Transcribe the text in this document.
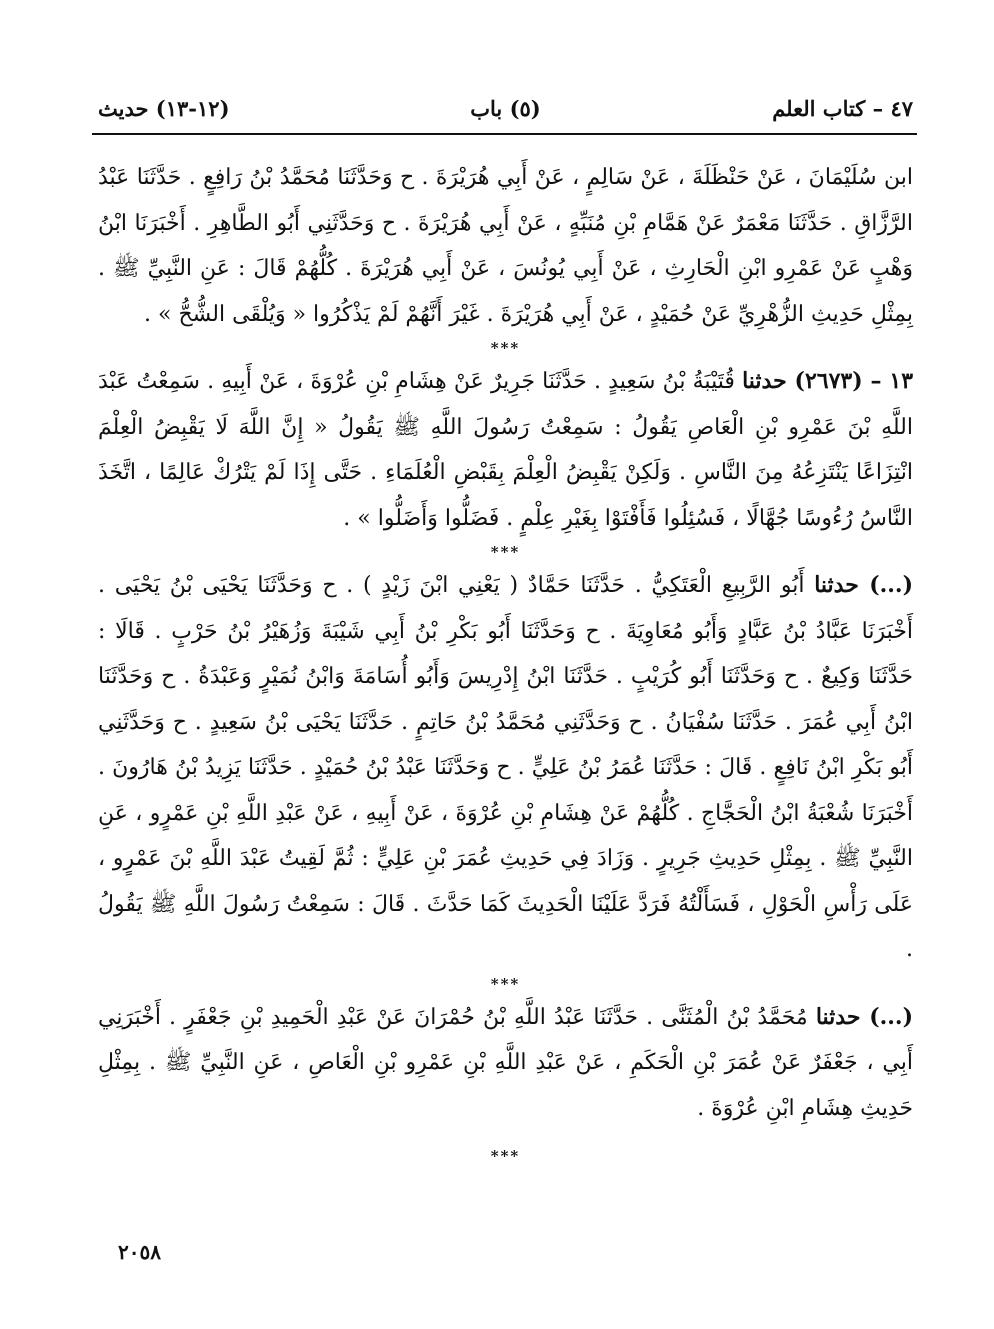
٤٧ – كتاب العلم
(٥) باب
(١٢-١٣) حديث

ابن سُلَيْمَانَ ، عَنْ حَنْظَلَةَ ، عَنْ سَالِمٍ ، عَنْ أَبِي هُرَيْرَةَ . ح وَحَدَّثَنَا مُحَمَّدُ بْنُ رَافِعٍ . حَدَّثَنَا عَبْدُ الرَّزَّاقِ . حَدَّثَنَا مَعْمَرٌ عَنْ هَمَّامِ بْنِ مُنَبِّهٍ ، عَنْ أَبِي هُرَيْرَةَ . ح وَحَدَّثَنِي أَبُو الطَّاهِرِ . أَخْبَرَنَا ابْنُ وَهْبٍ عَنْ عَمْرِو ابْنِ الْحَارِثِ ، عَنْ أَبِي يُونُسَ ، عَنْ أَبِي هُرَيْرَةَ . كُلُّهُمْ قَالَ : عَنِ النَّبِيِّ ﷺ . بِمِثْلِ حَدِيثِ الزُّهْرِيِّ عَنْ حُمَيْدٍ ، عَنْ أَبِي هُرَيْرَةَ . غَيْرَ أَنَّهُمْ لَمْ يَذْكُرُوا « وَيُلْقَى الشُّحُّ » .

***

١٣ – (٢٦٧٣) حدثنا قُتَيْبَةُ بْنُ سَعِيدٍ . حَدَّثَنَا جَرِيرٌ عَنْ هِشَامِ بْنِ عُرْوَةَ ، عَنْ أَبِيهِ . سَمِعْتُ عَبْدَ اللَّهِ بْنَ عَمْرِو بْنِ الْعَاصِ يَقُولُ : سَمِعْتُ رَسُولَ اللَّهِ ﷺ يَقُولُ « إِنَّ اللَّهَ لَا يَقْبِضُ الْعِلْمَ انْتِزَاعًا يَنْتَزِعُهُ مِنَ النَّاسِ . وَلَكِنْ يَقْبِضُ الْعِلْمَ بِقَبْضِ الْعُلَمَاءِ . حَتَّى إِذَا لَمْ يَتْرُكْ عَالِمًا ، اتَّخَذَ النَّاسُ رُءُوسًا جُهَّالًا ، فَسُئِلُوا فَأَفْتَوْا بِغَيْرِ عِلْمٍ . فَضَلُّوا وَأَضَلُّوا » .

***

(...) حدثنا أَبُو الرَّبِيعِ الْعَتَكِيُّ . حَدَّثَنَا حَمَّادٌ ( يَعْنِي ابْنَ زَيْدٍ ) . ح وَحَدَّثَنَا يَحْيَى بْنُ يَحْيَى . أَخْبَرَنَا عَبَّادُ بْنُ عَبَّادٍ وَأَبُو مُعَاوِيَةَ . ح وَحَدَّثَنَا أَبُو بَكْرِ بْنُ أَبِي شَيْبَةَ وَزُهَيْرُ بْنُ حَرْبٍ . قَالَا : حَدَّثَنَا وَكِيعٌ . ح وَحَدَّثَنَا أَبُو كُرَيْبٍ . حَدَّثَنَا ابْنُ إِدْرِيسَ وَأَبُو أُسَامَةَ وَابْنُ نُمَيْرٍ وَعَبْدَةُ . ح وَحَدَّثَنَا ابْنُ أَبِي عُمَرَ . حَدَّثَنَا سُفْيَانُ . ح وَحَدَّثَنِي مُحَمَّدُ بْنُ حَاتِمٍ . حَدَّثَنَا يَحْيَى بْنُ سَعِيدٍ . ح وَحَدَّثَنِي أَبُو بَكْرِ ابْنُ نَافِعٍ . قَالَ : حَدَّثَنَا عُمَرُ بْنُ عَلِيٍّ . ح وَحَدَّثَنَا عَبْدُ بْنُ حُمَيْدٍ . حَدَّثَنَا يَزِيدُ بْنُ هَارُونَ . أَخْبَرَنَا شُعْبَةُ ابْنُ الْحَجَّاجِ . كُلُّهُمْ عَنْ هِشَامِ بْنِ عُرْوَةَ ، عَنْ أَبِيهِ ، عَنْ عَبْدِ اللَّهِ بْنِ عَمْرٍو ، عَنِ النَّبِيِّ ﷺ . بِمِثْلِ حَدِيثِ جَرِيرٍ . وَزَادَ فِي حَدِيثِ عُمَرَ بْنِ عَلِيٍّ : ثُمَّ لَقِيتُ عَبْدَ اللَّهِ بْنَ عَمْرٍو ، عَلَى رَأْسِ الْحَوْلِ ، فَسَأَلْتُهُ فَرَدَّ عَلَيْنَا الْحَدِيثَ كَمَا حَدَّثَ . قَالَ : سَمِعْتُ رَسُولَ اللَّهِ ﷺ يَقُولُ .

***

(...) حدثنا مُحَمَّدُ بْنُ الْمُثَنَّى . حَدَّثَنَا عَبْدُ اللَّهِ بْنُ حُمْرَانَ عَنْ عَبْدِ الْحَمِيدِ بْنِ جَعْفَرٍ . أَخْبَرَنِي أَبِي ، جَعْفَرٌ عَنْ عُمَرَ بْنِ الْحَكَمِ ، عَنْ عَبْدِ اللَّهِ بْنِ عَمْرِو بْنِ الْعَاصِ ، عَنِ النَّبِيِّ ﷺ . بِمِثْلِ حَدِيثِ هِشَامِ ابْنِ عُرْوَةَ .

***
٢٠٥٨
